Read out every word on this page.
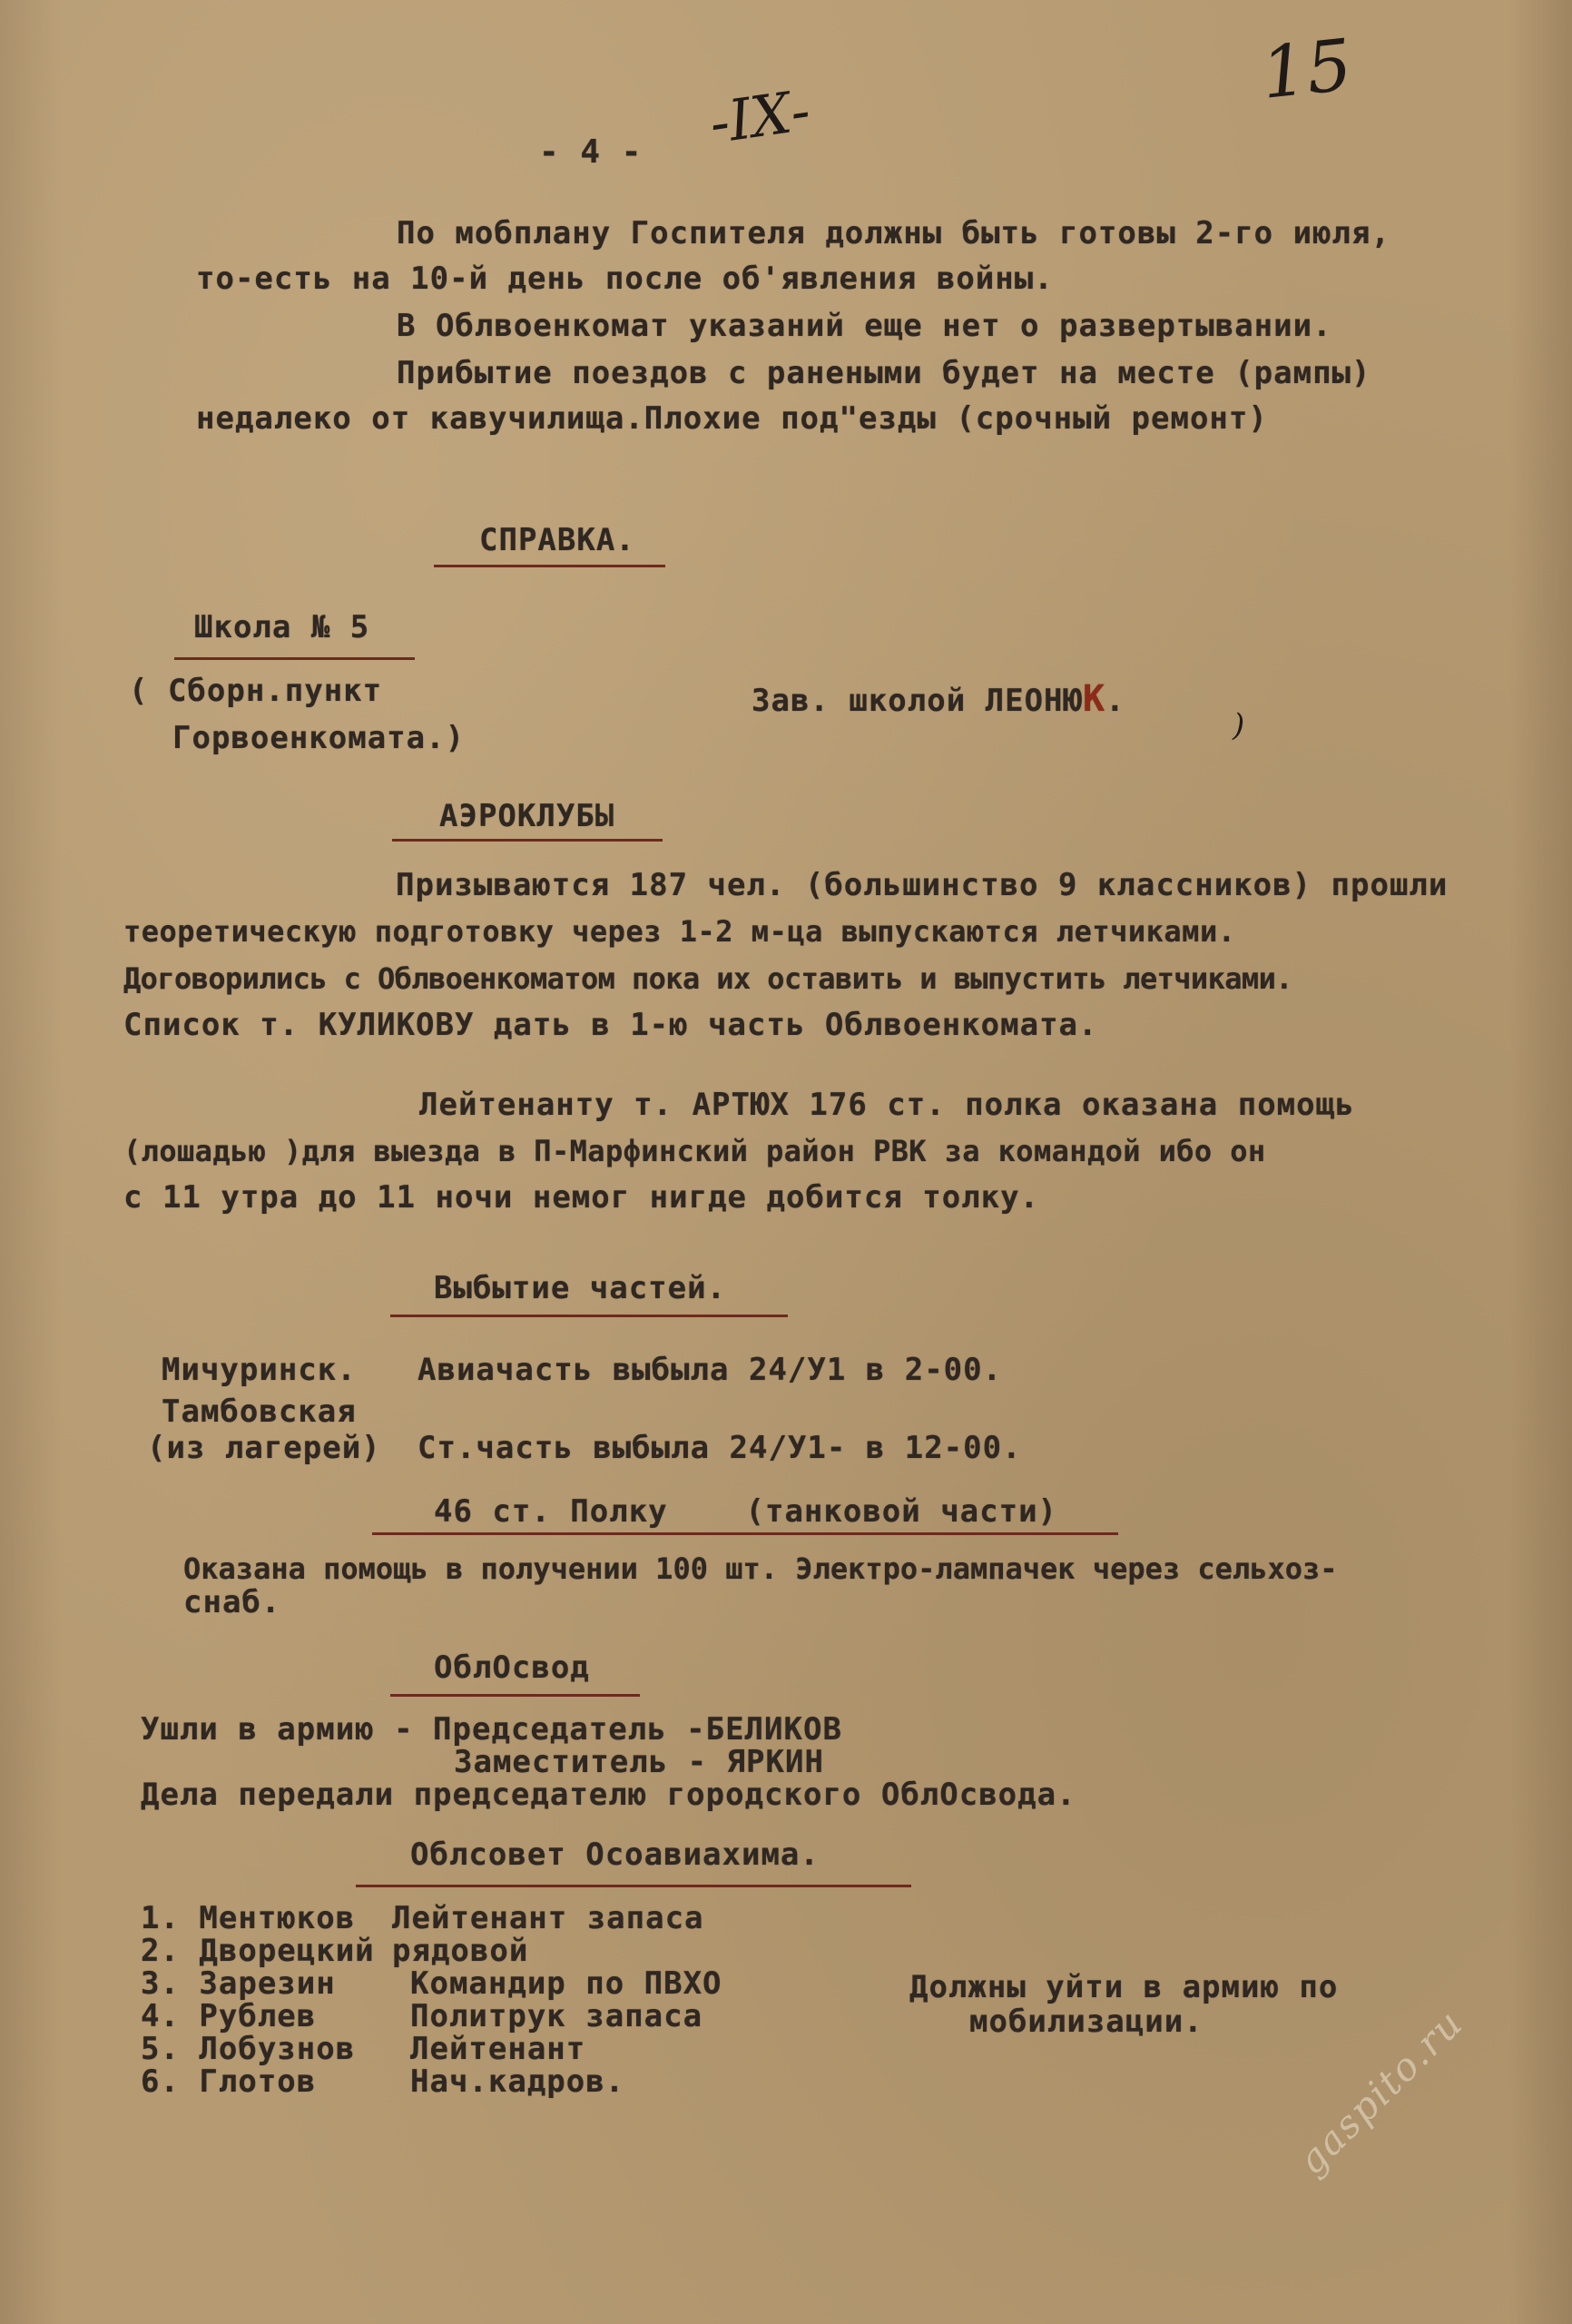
15
-ΙΧ-
- 4 -
По мобплану Госпителя должны быть готовы 2-го июля,
то-есть на 10-й день после об'явления войны.
В Облвоенкомат указаний еще нет о развертывании.
Прибытие поездов с ранеными будет на месте (рампы)
недалеко от кавучилища.Плохие под"езды (срочный ремонт)
СПРАВКА.
Школа № 5
( Сборн.пункт
Горвоенкомата.)
Зав. школой ЛЕОНЮК.
)
АЭРОКЛУБЫ
Призываются 187 чел. (большинство 9 классников) прошли
теоретическую подготовку через 1-2 м-ца выпускаются летчиками.
Договорились с Облвоенкоматом пока их оставить и выпустить летчиками.
Список т. КУЛИКОВУ дать в 1-ю часть Облвоенкомата.
Лейтенанту т. АРТЮХ 176 ст. полка оказана помощь
(лошадью )для выезда в П-Марфинский район РВК за командой ибо он
с 11 утра до 11 ночи немог нигде добится толку.
Выбытие частей.
Мичуринск. Авиачасть выбыла 24/У1 в 2-00.
Тамбовская
(из лагерей) Ст.часть выбыла 24/У1- в 12-00.
46 ст. Полку    (танковой части)
Оказана помощь в получении 100 шт. Электро-лампачек через сельхоз-
снаб.
ОблОсвод
Ушли в армию - Председатель -БЕЛИКОВ
Заместитель - ЯРКИН
Дела передали председателю городского ОблОсвода.
Облсовет Осоавиахима.
1. Ментюков Лейтенант запаса
2. Дворецкий рядовой
3. Зарезин Командир по ПВХО
4. Рублев	Политрук запаса
5. Лобузнов Лейтенант
6. Глотов	Нач.кадров.
Должны уйти в армию по
мобилизации. gaspito.ru
